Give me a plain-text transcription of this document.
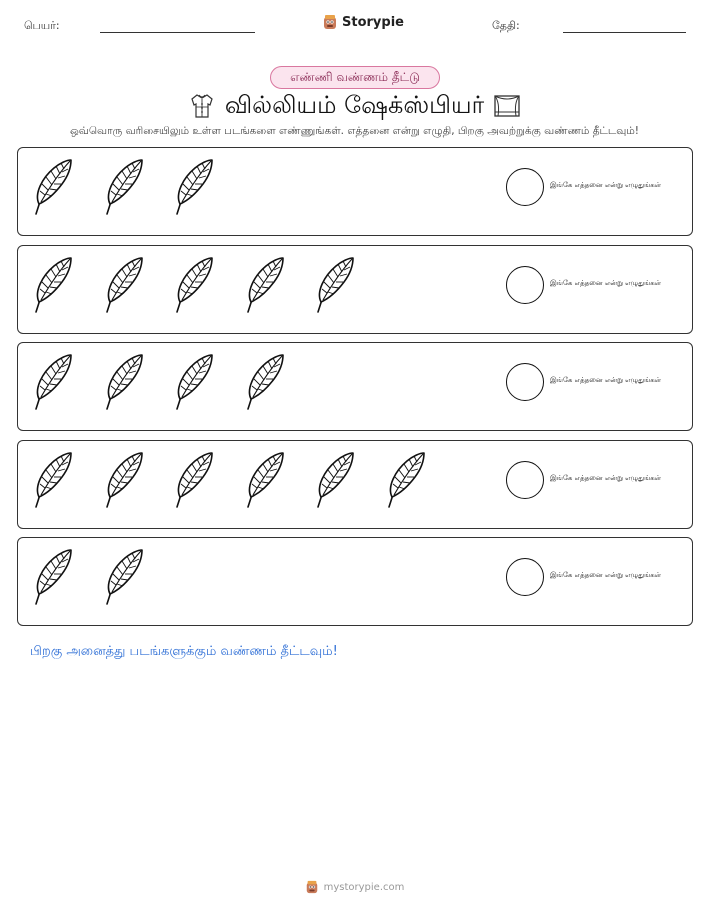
பெயர்:	Storypie	தேதி:
எண்ணி வண்ணம் தீட்டு
வில்லியம் ஷேக்ஸ்பியர்
ஒவ்வொரு வரிசையிலும் உள்ள படங்களை எண்ணுங்கள். எத்தனை என்று எழுதி, பிறகு அவற்றுக்கு வண்ணம் தீட்டவும்!
இங்கே எத்தனை என்று எழுதுங்கள்
இங்கே எத்தனை என்று எழுதுங்கள்
இங்கே எத்தனை என்று எழுதுங்கள்
இங்கே எத்தனை என்று எழுதுங்கள்
இங்கே எத்தனை என்று எழுதுங்கள்
பிறகு அனைத்து படங்களுக்கும் வண்ணம் தீட்டவும்!
mystorypie.com
